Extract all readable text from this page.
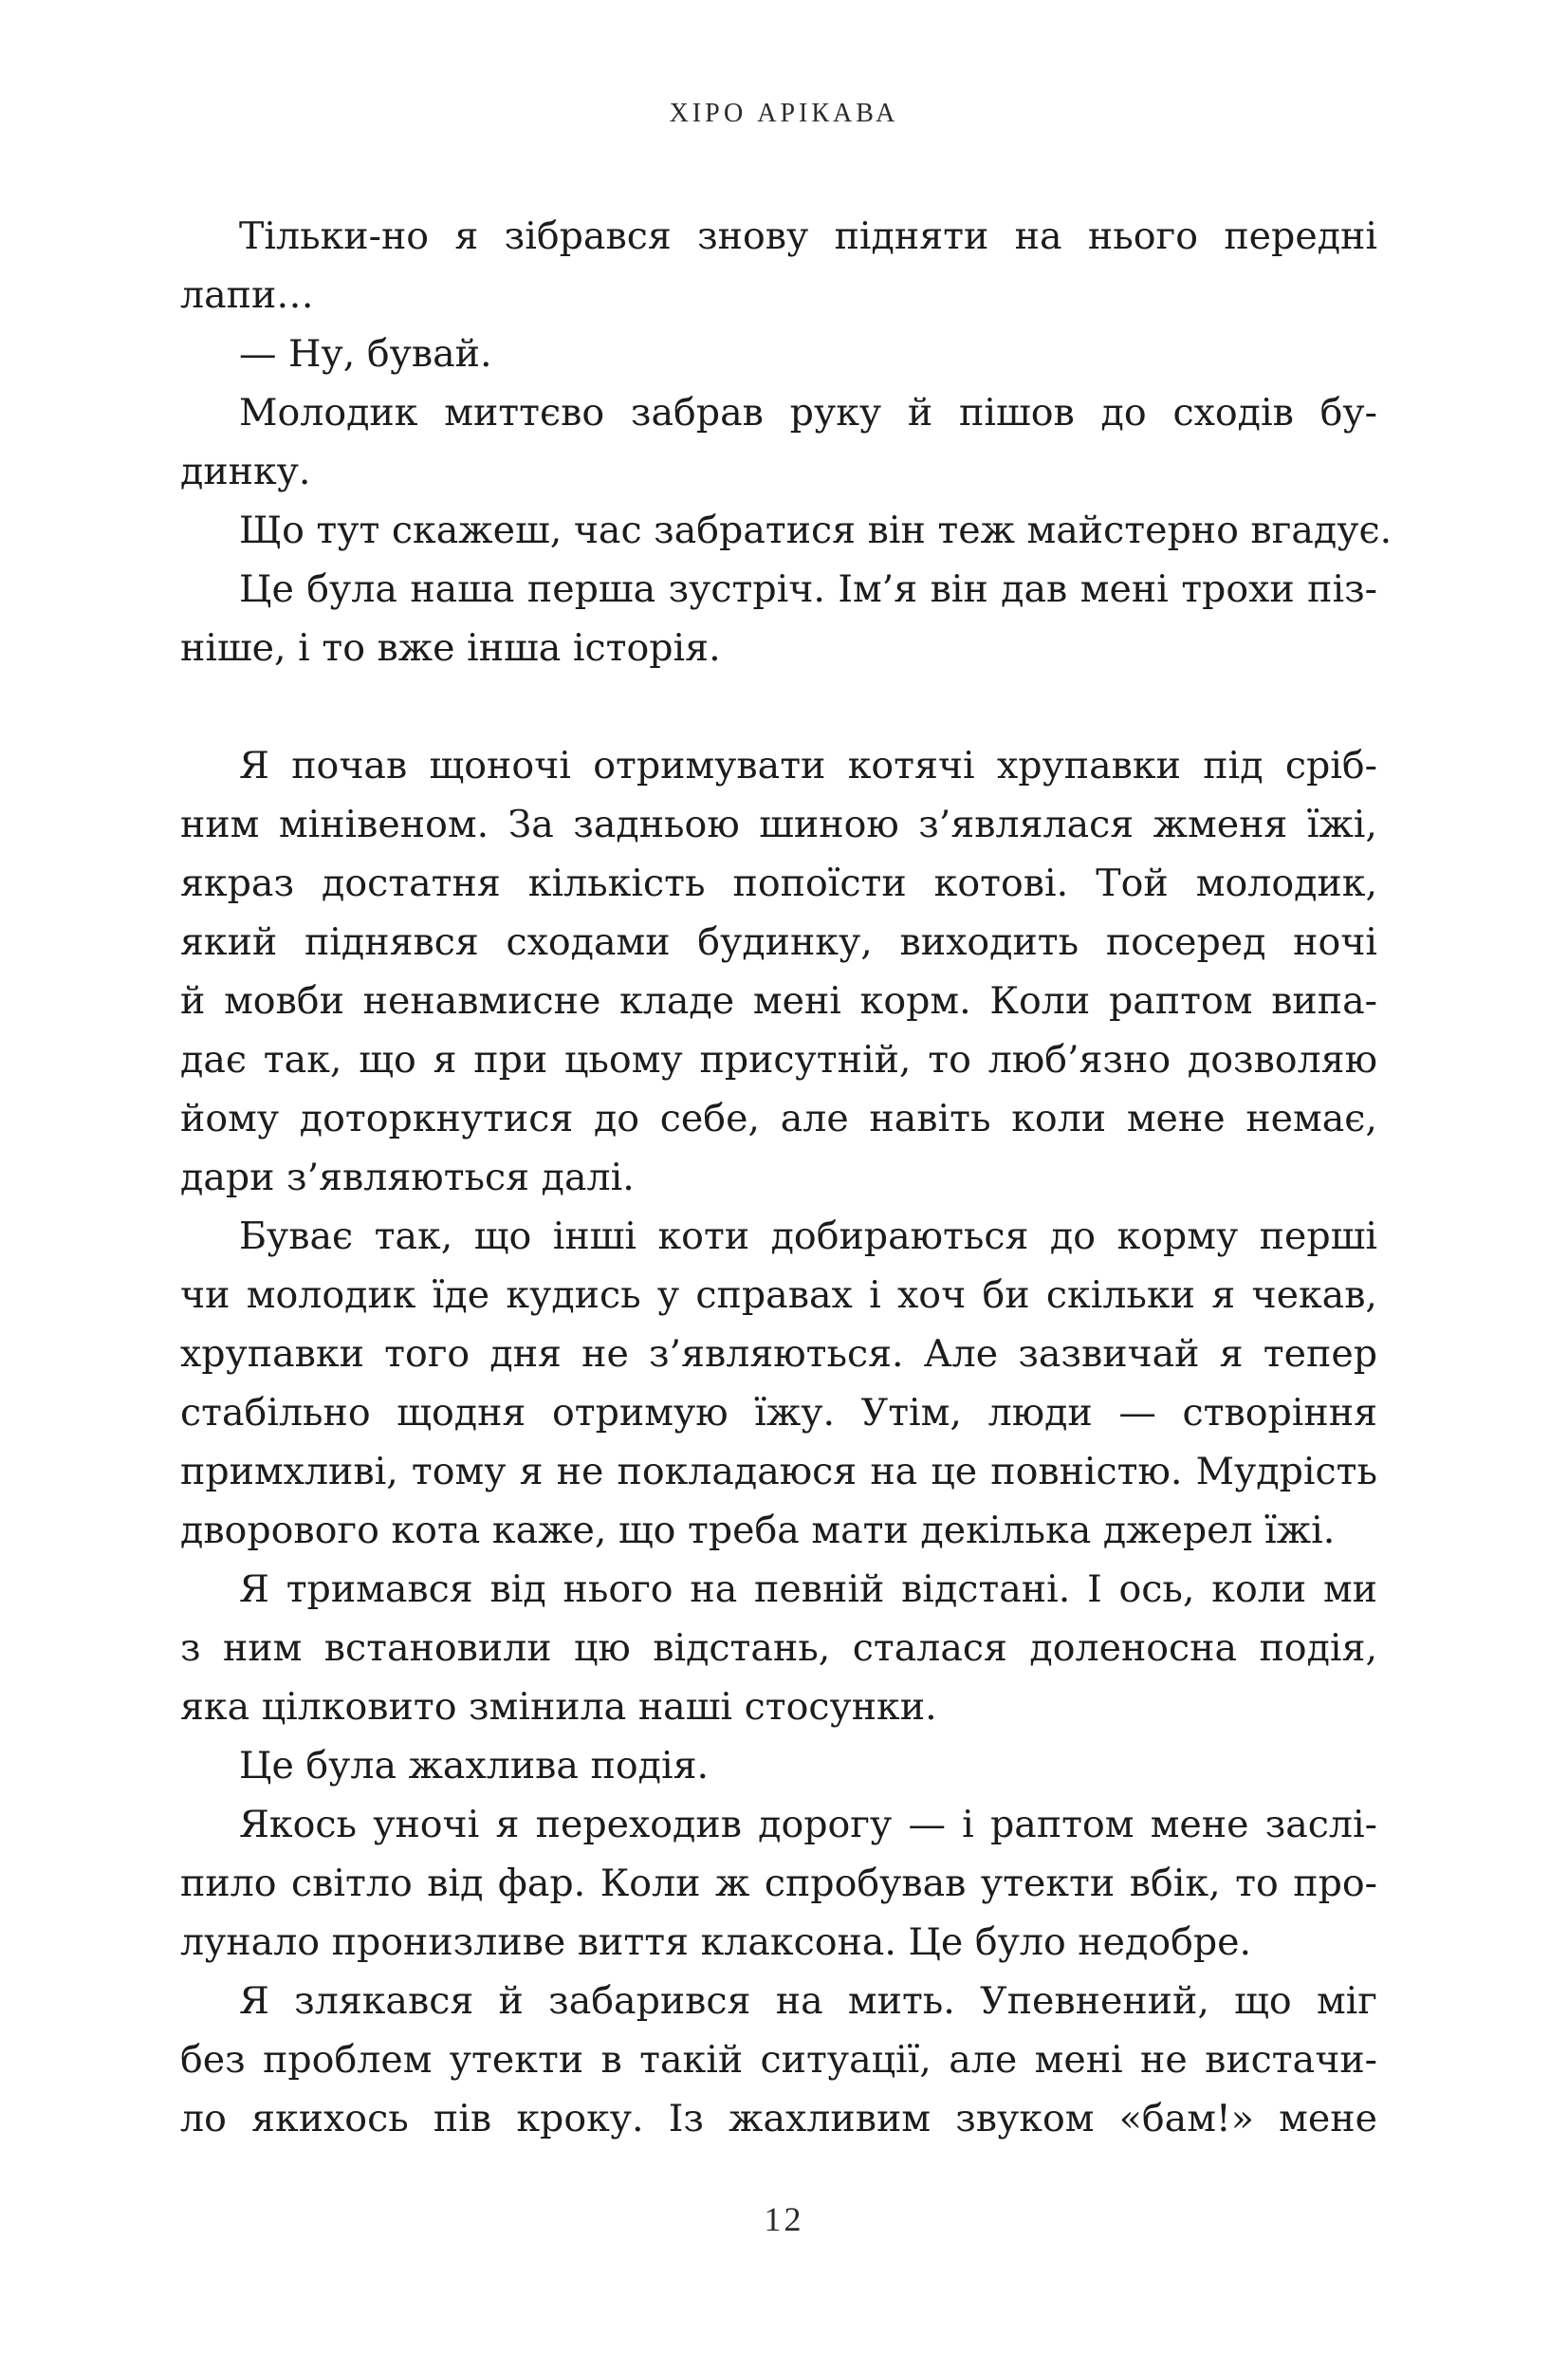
ХІРО АРІКАВА
Тільки-но я зібрався знову підняти на нього передні
лапи…
— Ну, бувай.
Молодик миттєво забрав руку й пішов до сходів бу-
динку.
Що тут скажеш, час забратися він теж майстерно вгадує.
Це була наша перша зустріч. Ім’я він дав мені трохи піз-
ніше, і то вже інша історія.
Я почав щоночі отримувати котячі хрупавки під сріб-
ним мінівеном. За задньою шиною з’являлася жменя їжі,
якраз достатня кількість попоїсти котові. Той молодик,
який піднявся сходами будинку, виходить посеред ночі
й мовби ненавмисне кладе мені корм. Коли раптом випа-
дає так, що я при цьому присутній, то люб’язно дозволяю
йому доторкнутися до себе, але навіть коли мене немає,
дари з’являються далі.
Буває так, що інші коти добираються до корму перші
чи молодик їде кудись у справах і хоч би скільки я чекав,
хрупавки того дня не з’являються. Але зазвичай я тепер
стабільно щодня отримую їжу. Утім, люди — створіння
примхливі, тому я не покладаюся на це повністю. Мудрість
дворового кота каже, що треба мати декілька джерел їжі.
Я тримався від нього на певній відстані. І ось, коли ми
з ним встановили цю відстань, сталася доленосна подія,
яка цілковито змінила наші стосунки.
Це була жахлива подія.
Якось уночі я переходив дорогу — і раптом мене заслі-
пило світло від фар. Коли ж спробував утекти вбік, то про-
лунало пронизливе виття клаксона. Це було недобре.
Я злякався й забарився на мить. Упевнений, що міг
без проблем утекти в такій ситуації, але мені не вистачи-
ло якихось пів кроку. Із жахливим звуком «бам!» мене
12
